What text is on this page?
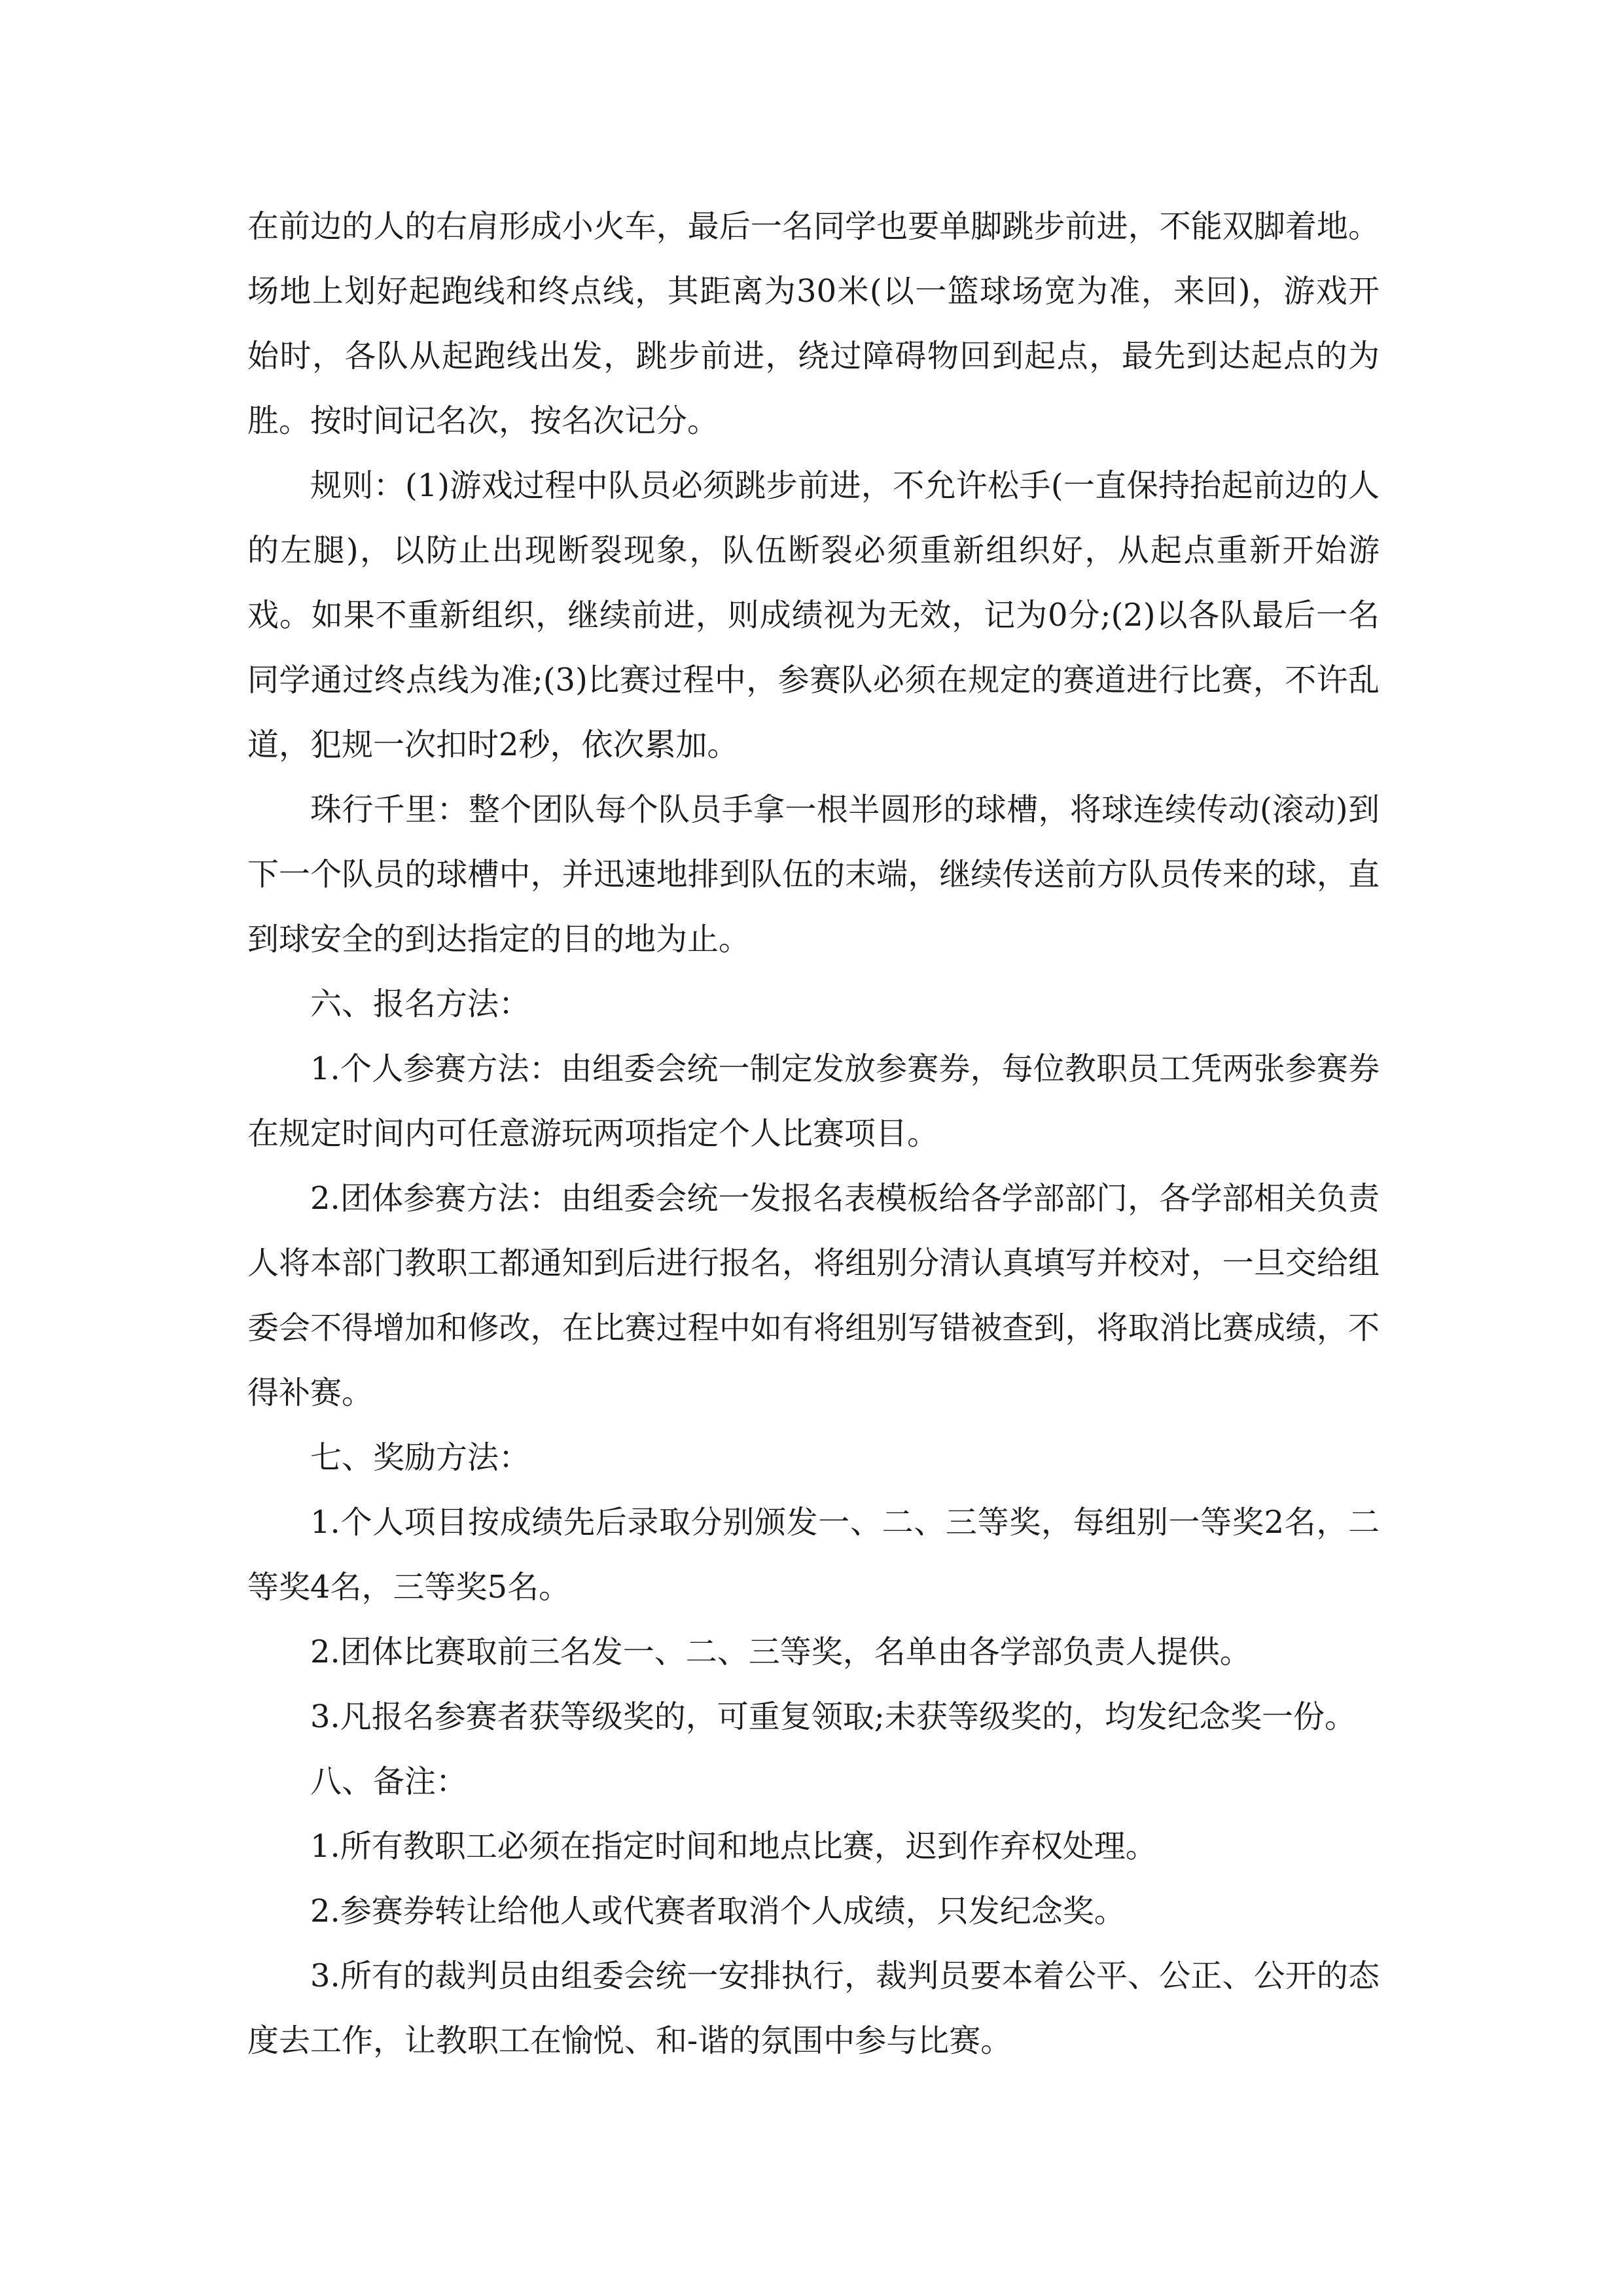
在前边的人的右肩形成小火车，最后一名同学也要单脚跳步前进，不能双脚着地。场地上划好起跑线和终点线，其距离为30米(以一篮球场宽为准，来回)，游戏开始时，各队从起跑线出发，跳步前进，绕过障碍物回到起点，最先到达起点的为胜。按时间记名次，按名次记分。

规则：(1)游戏过程中队员必须跳步前进，不允许松手(一直保持抬起前边的人的左腿)，以防止出现断裂现象，队伍断裂必须重新组织好，从起点重新开始游戏。如果不重新组织，继续前进，则成绩视为无效，记为0分;(2)以各队最后一名同学通过终点线为准;(3)比赛过程中，参赛队必须在规定的赛道进行比赛，不许乱道，犯规一次扣时2秒，依次累加。

珠行千里：整个团队每个队员手拿一根半圆形的球槽，将球连续传动(滚动)到下一个队员的球槽中，并迅速地排到队伍的末端，继续传送前方队员传来的球，直到球安全的到达指定的目的地为止。

六、报名方法：

1.个人参赛方法：由组委会统一制定发放参赛券，每位教职员工凭两张参赛券在规定时间内可任意游玩两项指定个人比赛项目。

2.团体参赛方法：由组委会统一发报名表模板给各学部部门，各学部相关负责人将本部门教职工都通知到后进行报名，将组别分清认真填写并校对，一旦交给组委会不得增加和修改，在比赛过程中如有将组别写错被查到，将取消比赛成绩，不得补赛。

七、奖励方法：

1.个人项目按成绩先后录取分别颁发一、二、三等奖，每组别一等奖2名，二等奖4名，三等奖5名。

2.团体比赛取前三名发一、二、三等奖，名单由各学部负责人提供。

3.凡报名参赛者获等级奖的，可重复领取;未获等级奖的，均发纪念奖一份。

八、备注：

1.所有教职工必须在指定时间和地点比赛，迟到作弃权处理。

2.参赛券转让给他人或代赛者取消个人成绩，只发纪念奖。

3.所有的裁判员由组委会统一安排执行，裁判员要本着公平、公正、公开的态度去工作，让教职工在愉悦、和-谐的氛围中参与比赛。
